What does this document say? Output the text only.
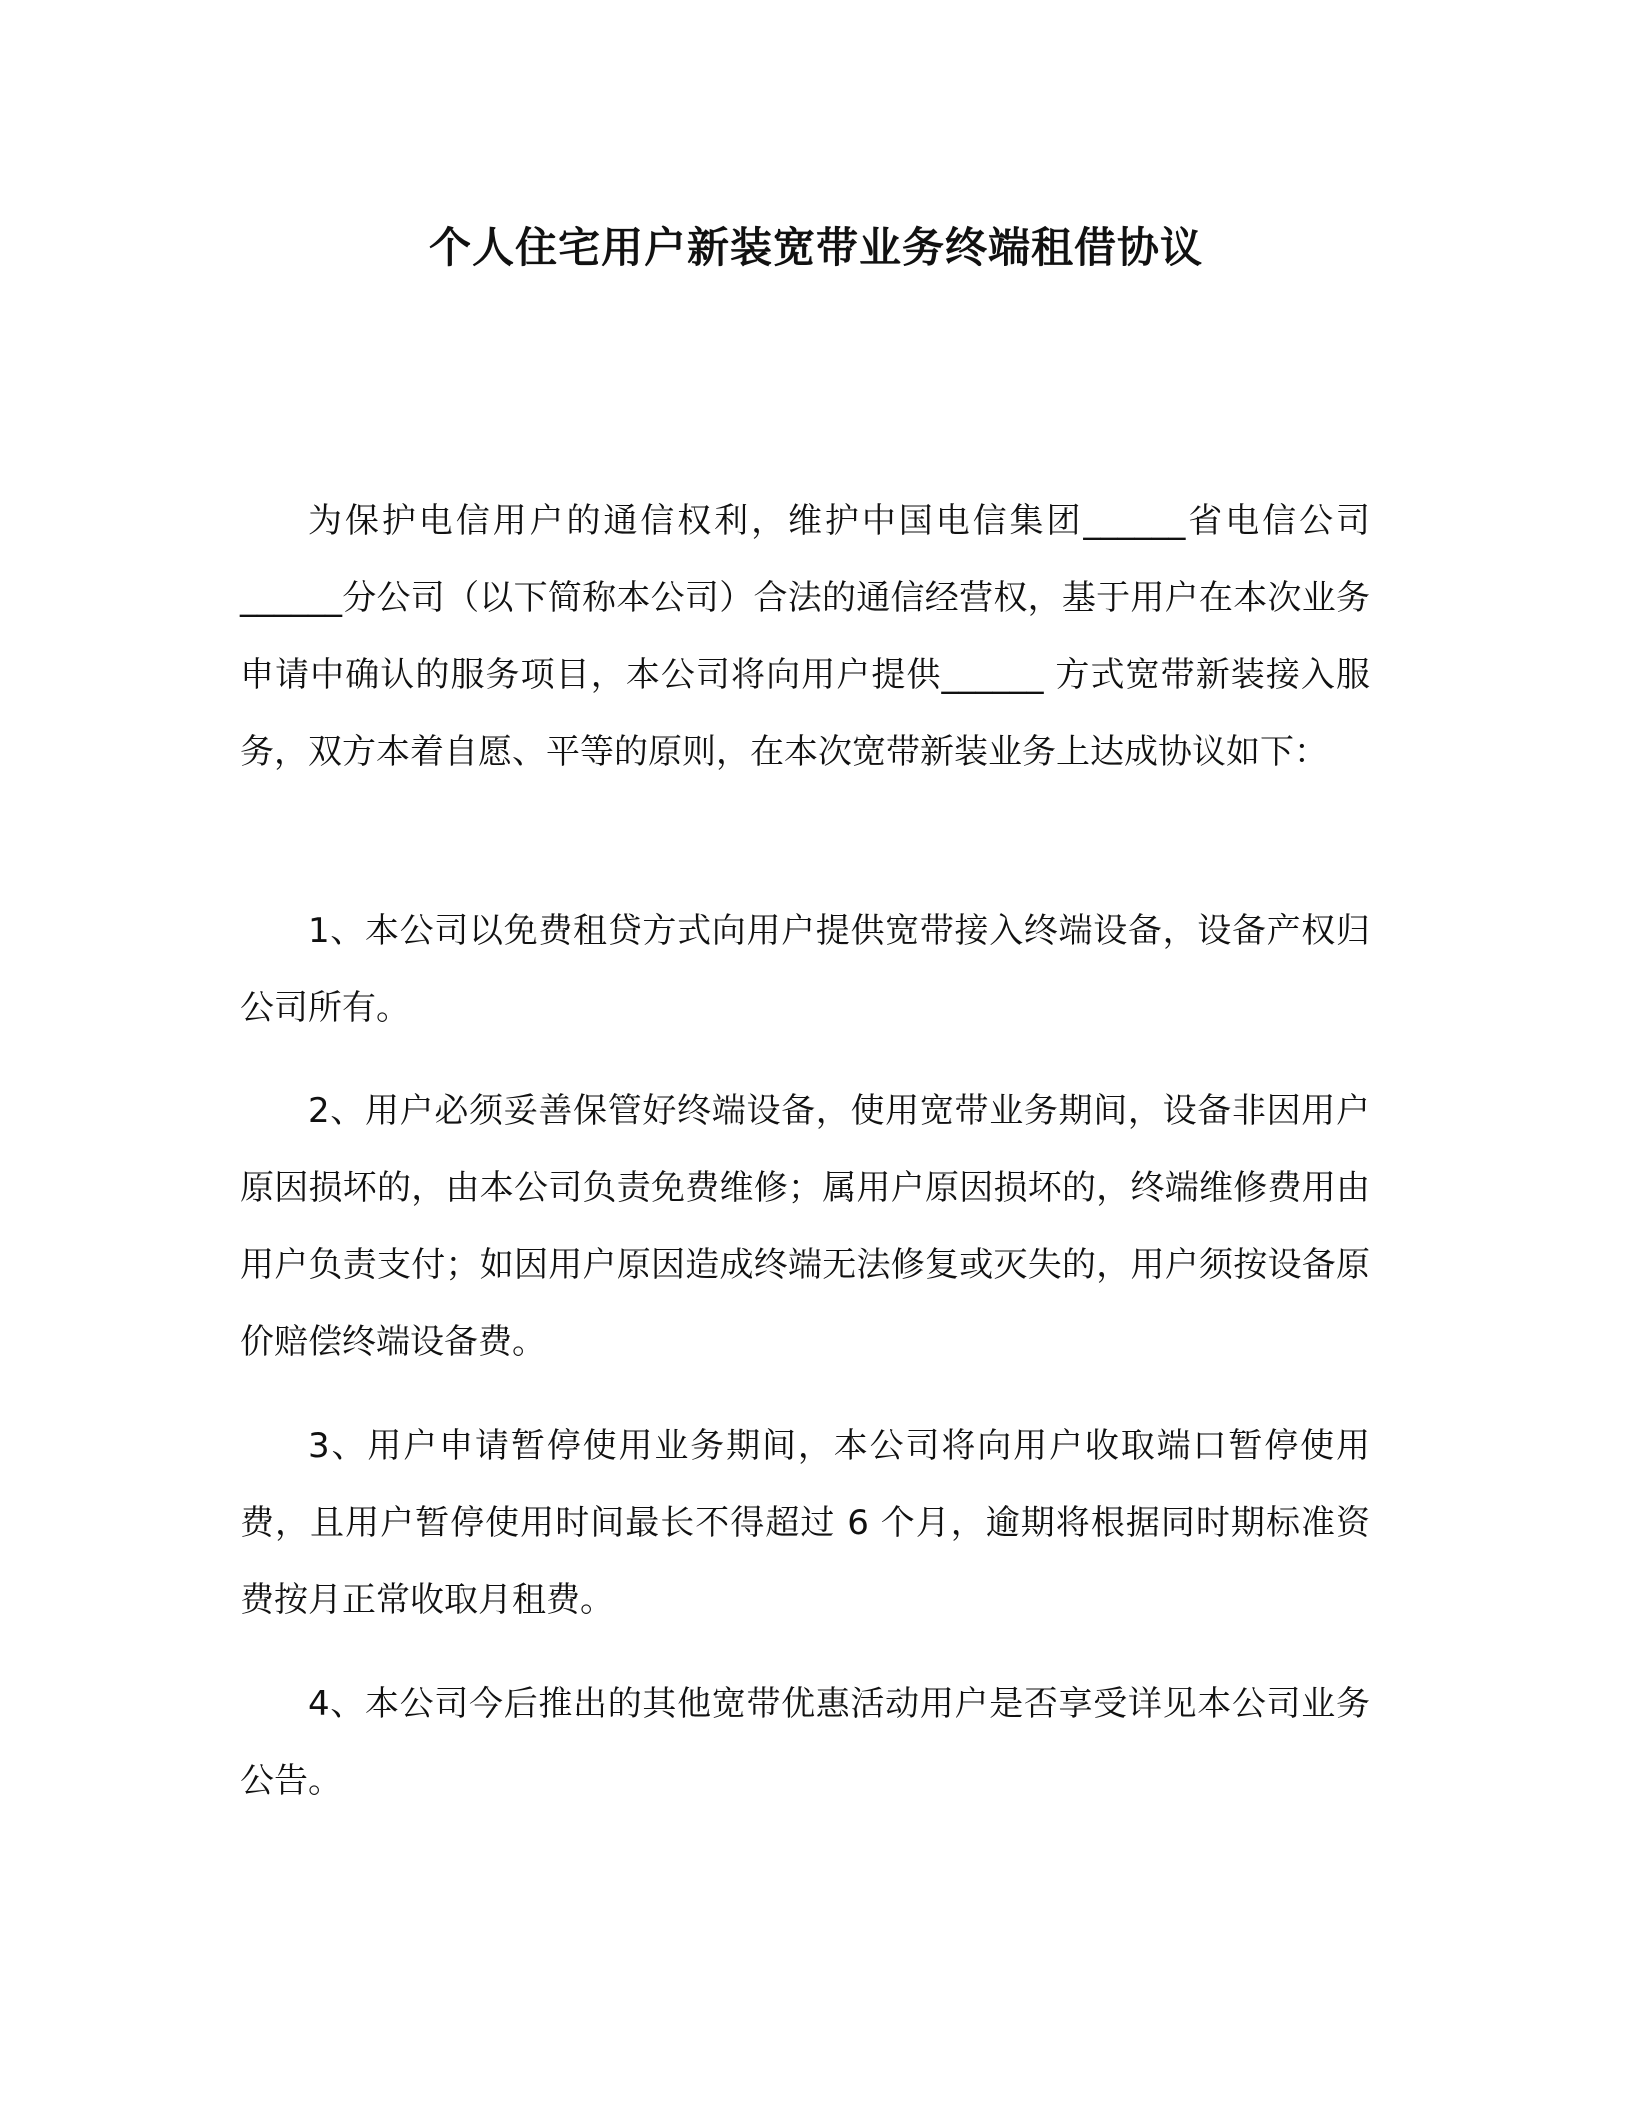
个人住宅用户新装宽带业务终端租借协议

为保护电信用户的通信权利，维护中国电信集团______省电信公司______分公司（以下简称本公司）合法的通信经营权，基于用户在本次业务申请中确认的服务项目，本公司将向用户提供______ 方式宽带新装接入服务，双方本着自愿、平等的原则，在本次宽带新装业务上达成协议如下：

1、本公司以免费租贷方式向用户提供宽带接入终端设备，设备产权归公司所有。

2、用户必须妥善保管好终端设备，使用宽带业务期间，设备非因用户原因损坏的，由本公司负责免费维修；属用户原因损坏的，终端维修费用由用户负责支付；如因用户原因造成终端无法修复或灭失的，用户须按设备原价赔偿终端设备费。

3、用户申请暂停使用业务期间，本公司将向用户收取端口暂停使用费，且用户暂停使用时间最长不得超过 6 个月，逾期将根据同时期标准资费按月正常收取月租费。

4、本公司今后推出的其他宽带优惠活动用户是否享受详见本公司业务公告。
